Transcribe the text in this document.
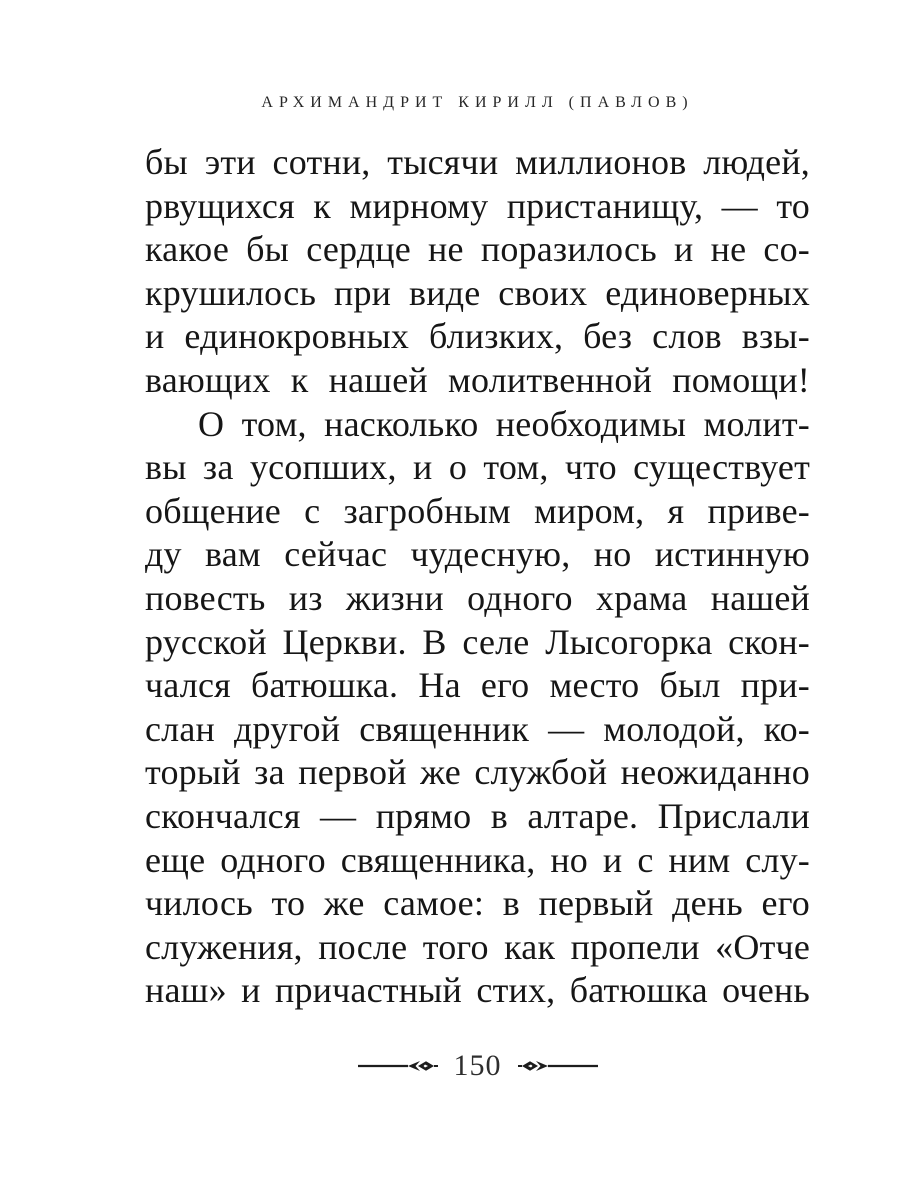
АРХИМАНДРИТ КИРИЛЛ (ПАВЛОВ)
бы эти сотни, тысячи миллионов людей,
рвущихся к мирному пристанищу, — то
какое бы сердце не поразилось и не со-
крушилось при виде своих единоверных
и единокровных близких, без слов взы-
вающих к нашей молитвенной помощи!
О том, насколько необходимы молит-
вы за усопших, и о том, что существует
общение с загробным миром, я приве-
ду вам сейчас чудесную, но истинную
повесть из жизни одного храма нашей
русской Церкви. В селе Лысогорка скон-
чался батюшка. На его место был при-
слан другой священник — молодой, ко-
торый за первой же службой неожиданно
скончался — прямо в алтаре. Прислали
еще одного священника, но и с ним слу-
чилось то же самое: в первый день его
служения, после того как пропели «Отче
наш» и причастный стих, батюшка очень
150
